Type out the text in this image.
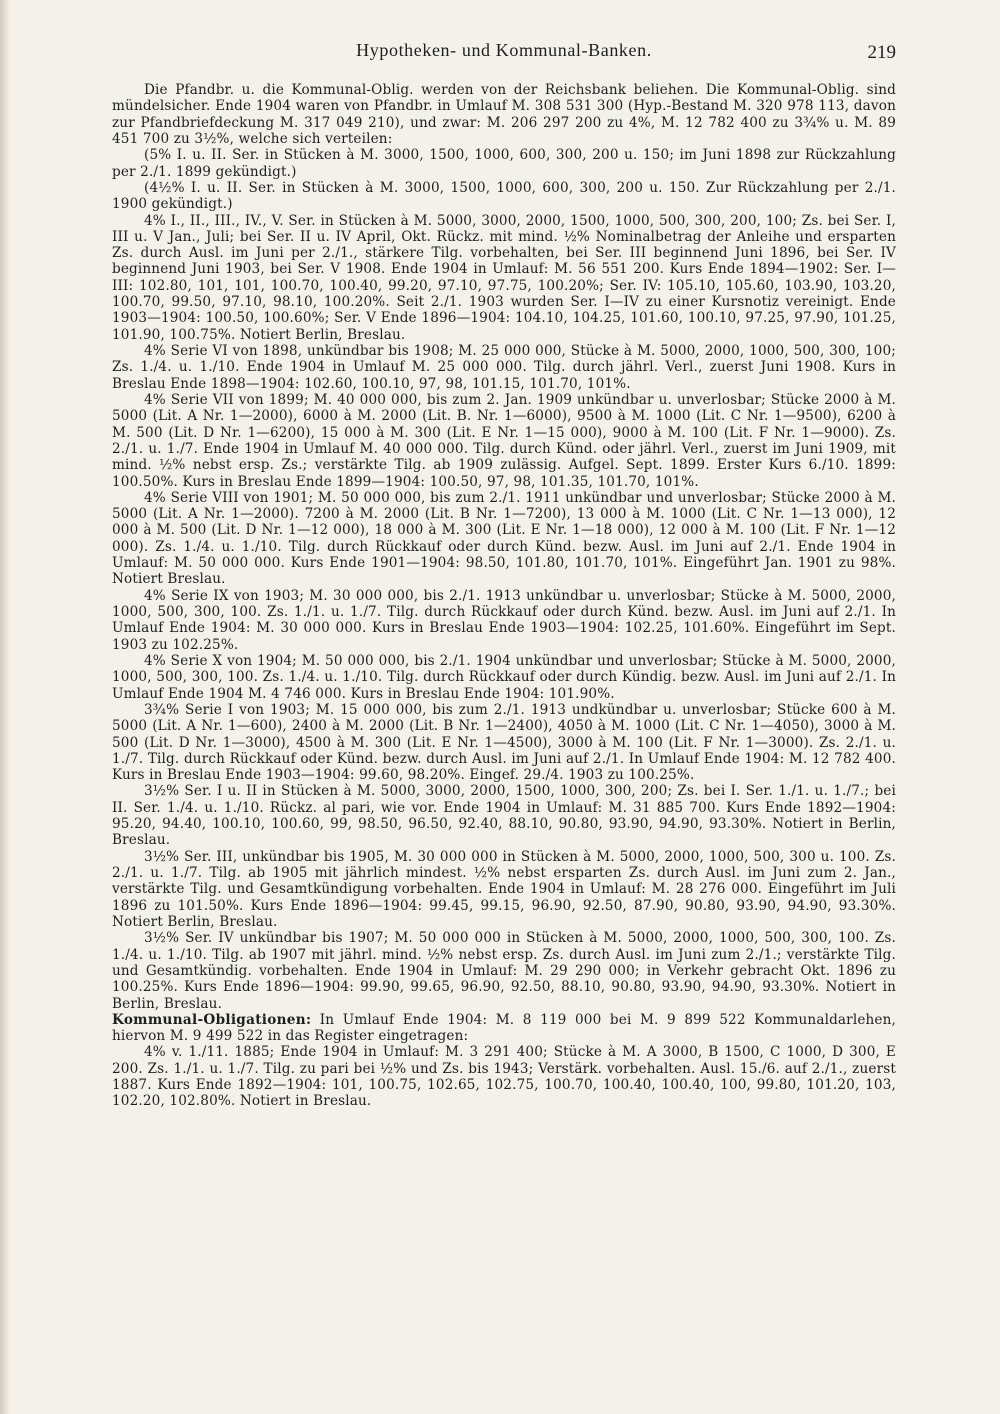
Hypotheken- und Kommunal-Banken.	219

Die Pfandbr. u. die Kommunal-Oblig. werden von der Reichsbank beliehen. Die Kommunal-Oblig. sind mündelsicher. Ende 1904 waren von Pfandbr. in Umlauf M. 308 531 300 (Hyp.-Bestand M. 320 978 113, davon zur Pfandbriefdeckung M. 317 049 210), und zwar: M. 206 297 200 zu 4%, M. 12 782 400 zu 3¾% u. M. 89 451 700 zu 3½%, welche sich verteilen:

(5% I. u. II. Ser. in Stücken à M. 3000, 1500, 1000, 600, 300, 200 u. 150; im Juni 1898 zur Rückzahlung per 2./1. 1899 gekündigt.)

(4½% I. u. II. Ser. in Stücken à M. 3000, 1500, 1000, 600, 300, 200 u. 150. Zur Rückzahlung per 2./1. 1900 gekündigt.)

4% I., II., III., IV., V. Ser. in Stücken à M. 5000, 3000, 2000, 1500, 1000, 500, 300, 200, 100; Zs. bei Ser. I, III u. V Jan., Juli; bei Ser. II u. IV April, Okt. Rückz. mit mind. ½% Nominalbetrag der Anleihe und ersparten Zs. durch Ausl. im Juni per 2./1., stärkere Tilg. vorbehalten, bei Ser. III beginnend Juni 1896, bei Ser. IV beginnend Juni 1903, bei Ser. V 1908. Ende 1904 in Umlauf: M. 56 551 200. Kurs Ende 1894—1902: Ser. I—III: 102.80, 101, 101, 100.70, 100.40, 99.20, 97.10, 97.75, 100.20%; Ser. IV: 105.10, 105.60, 103.90, 103.20, 100.70, 99.50, 97.10, 98.10, 100.20%. Seit 2./1. 1903 wurden Ser. I—IV zu einer Kursnotiz vereinigt. Ende 1903—1904: 100.50, 100.60%; Ser. V Ende 1896—1904: 104.10, 104.25, 101.60, 100.10, 97.25, 97.90, 101.25, 101.90, 100.75%. Notiert Berlin, Breslau.

4% Serie VI von 1898, unkündbar bis 1908; M. 25 000 000, Stücke à M. 5000, 2000, 1000, 500, 300, 100; Zs. 1./4. u. 1./10. Ende 1904 in Umlauf M. 25 000 000. Tilg. durch jährl. Verl., zuerst Juni 1908. Kurs in Breslau Ende 1898—1904: 102.60, 100.10, 97, 98, 101.15, 101.70, 101%.

4% Serie VII von 1899; M. 40 000 000, bis zum 2. Jan. 1909 unkündbar u. unverlosbar; Stücke 2000 à M. 5000 (Lit. A Nr. 1—2000), 6000 à M. 2000 (Lit. B. Nr. 1—6000), 9500 à M. 1000 (Lit. C Nr. 1—9500), 6200 à M. 500 (Lit. D Nr. 1—6200), 15 000 à M. 300 (Lit. E Nr. 1—15 000), 9000 à M. 100 (Lit. F Nr. 1—9000). Zs. 2./1. u. 1./7. Ende 1904 in Umlauf M. 40 000 000. Tilg. durch Künd. oder jährl. Verl., zuerst im Juni 1909, mit mind. ½% nebst ersp. Zs.; verstärkte Tilg. ab 1909 zulässig. Aufgel. Sept. 1899. Erster Kurs 6./10. 1899: 100.50%. Kurs in Breslau Ende 1899—1904: 100.50, 97, 98, 101.35, 101.70, 101%.

4% Serie VIII von 1901; M. 50 000 000, bis zum 2./1. 1911 unkündbar und unverlosbar; Stücke 2000 à M. 5000 (Lit. A Nr. 1—2000). 7200 à M. 2000 (Lit. B Nr. 1—7200), 13 000 à M. 1000 (Lit. C Nr. 1—13 000), 12 000 à M. 500 (Lit. D Nr. 1—12 000), 18 000 à M. 300 (Lit. E Nr. 1—18 000), 12 000 à M. 100 (Lit. F Nr. 1—12 000). Zs. 1./4. u. 1./10. Tilg. durch Rückkauf oder durch Künd. bezw. Ausl. im Juni auf 2./1. Ende 1904 in Umlauf: M. 50 000 000. Kurs Ende 1901—1904: 98.50, 101.80, 101.70, 101%. Eingeführt Jan. 1901 zu 98%. Notiert Breslau.

4% Serie IX von 1903; M. 30 000 000, bis 2./1. 1913 unkündbar u. unverlosbar; Stücke à M. 5000, 2000, 1000, 500, 300, 100. Zs. 1./1. u. 1./7. Tilg. durch Rückkauf oder durch Künd. bezw. Ausl. im Juni auf 2./1. In Umlauf Ende 1904: M. 30 000 000. Kurs in Breslau Ende 1903—1904: 102.25, 101.60%. Eingeführt im Sept. 1903 zu 102.25%.

4% Serie X von 1904; M. 50 000 000, bis 2./1. 1904 unkündbar und unverlosbar; Stücke à M. 5000, 2000, 1000, 500, 300, 100. Zs. 1./4. u. 1./10. Tilg. durch Rückkauf oder durch Kündig. bezw. Ausl. im Juni auf 2./1. In Umlauf Ende 1904 M. 4 746 000. Kurs in Breslau Ende 1904: 101.90%.

3¾% Serie I von 1903; M. 15 000 000, bis zum 2./1. 1913 undkündbar u. unverlosbar; Stücke 600 à M. 5000 (Lit. A Nr. 1—600), 2400 à M. 2000 (Lit. B Nr. 1—2400), 4050 à M. 1000 (Lit. C Nr. 1—4050), 3000 à M. 500 (Lit. D Nr. 1—3000), 4500 à M. 300 (Lit. E Nr. 1—4500), 3000 à M. 100 (Lit. F Nr. 1—3000). Zs. 2./1. u. 1./7. Tilg. durch Rückkauf oder Künd. bezw. durch Ausl. im Juni auf 2./1. In Umlauf Ende 1904: M. 12 782 400. Kurs in Breslau Ende 1903—1904: 99.60, 98.20%. Eingef. 29./4. 1903 zu 100.25%.

3½% Ser. I u. II in Stücken à M. 5000, 3000, 2000, 1500, 1000, 300, 200; Zs. bei I. Ser. 1./1. u. 1./7.; bei II. Ser. 1./4. u. 1./10. Rückz. al pari, wie vor. Ende 1904 in Umlauf: M. 31 885 700. Kurs Ende 1892—1904: 95.20, 94.40, 100.10, 100.60, 99, 98.50, 96.50, 92.40, 88.10, 90.80, 93.90, 94.90, 93.30%. Notiert in Berlin, Breslau.

3½% Ser. III, unkündbar bis 1905, M. 30 000 000 in Stücken à M. 5000, 2000, 1000, 500, 300 u. 100. Zs. 2./1. u. 1./7. Tilg. ab 1905 mit jährlich mindest. ½% nebst ersparten Zs. durch Ausl. im Juni zum 2. Jan., verstärkte Tilg. und Gesamtkündigung vorbehalten. Ende 1904 in Umlauf: M. 28 276 000. Eingeführt im Juli 1896 zu 101.50%. Kurs Ende 1896—1904: 99.45, 99.15, 96.90, 92.50, 87.90, 90.80, 93.90, 94.90, 93.30%. Notiert Berlin, Breslau.

3½% Ser. IV unkündbar bis 1907; M. 50 000 000 in Stücken à M. 5000, 2000, 1000, 500, 300, 100. Zs. 1./4. u. 1./10. Tilg. ab 1907 mit jährl. mind. ½% nebst ersp. Zs. durch Ausl. im Juni zum 2./1.; verstärkte Tilg. und Gesamtkündig. vorbehalten. Ende 1904 in Umlauf: M. 29 290 000; in Verkehr gebracht Okt. 1896 zu 100.25%. Kurs Ende 1896—1904: 99.90, 99.65, 96.90, 92.50, 88.10, 90.80, 93.90, 94.90, 93.30%. Notiert in Berlin, Breslau.

Kommunal-Obligationen: In Umlauf Ende 1904: M. 8 119 000 bei M. 9 899 522 Kommunaldarlehen, hiervon M. 9 499 522 in das Register eingetragen:

4% v. 1./11. 1885; Ende 1904 in Umlauf: M. 3 291 400; Stücke à M. A 3000, B 1500, C 1000, D 300, E 200. Zs. 1./1. u. 1./7. Tilg. zu pari bei ½% und Zs. bis 1943; Verstärk. vorbehalten. Ausl. 15./6. auf 2./1., zuerst 1887. Kurs Ende 1892—1904: 101, 100.75, 102.65, 102.75, 100.70, 100.40, 100.40, 100, 99.80, 101.20, 103, 102.20, 102.80%. Notiert in Breslau.
